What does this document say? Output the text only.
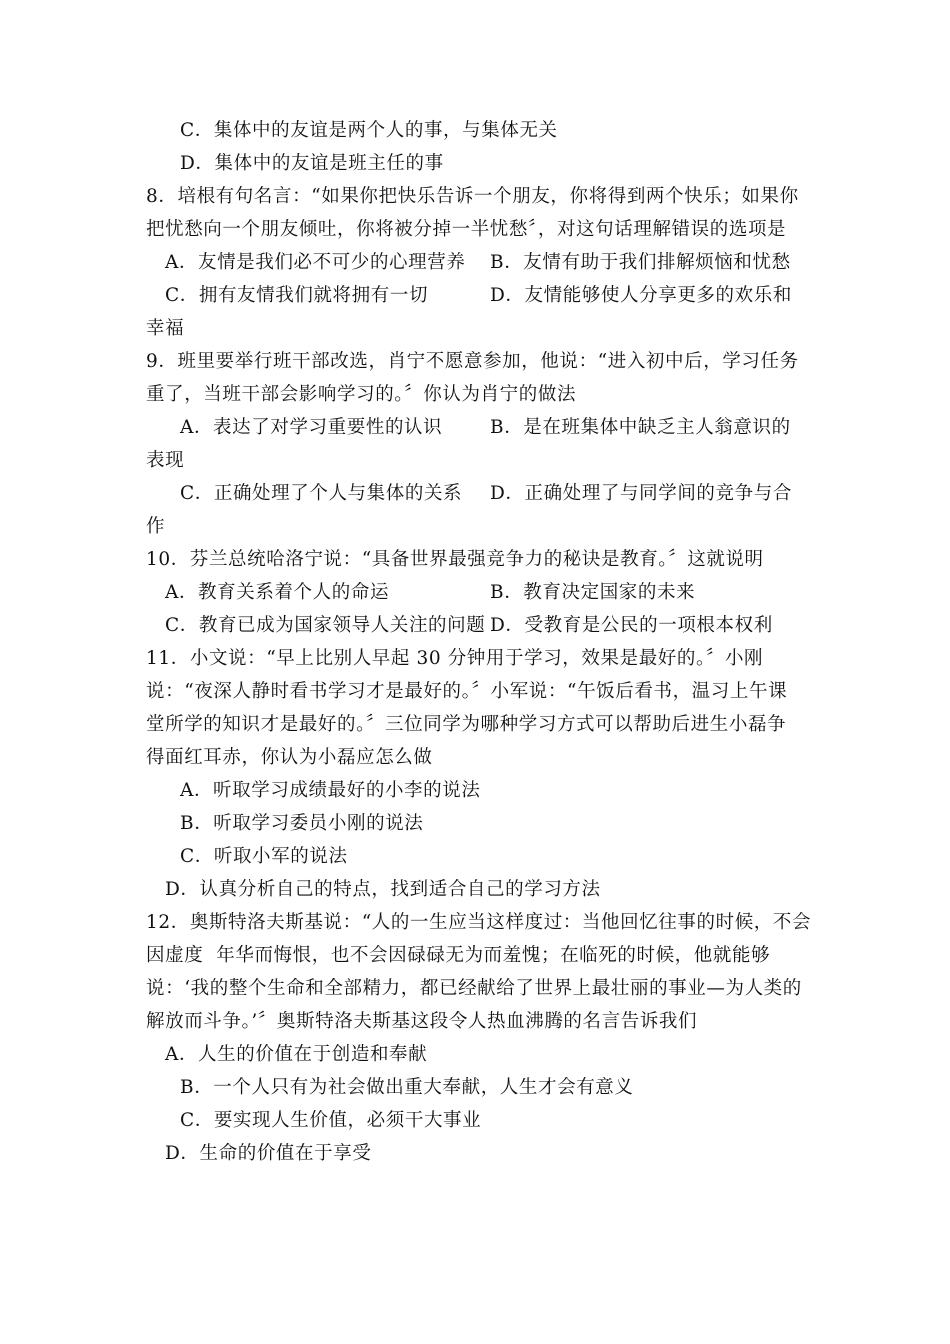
C．集体中的友谊是两个人的事，与集体无关
D．集体中的友谊是班主任的事
8．培根有句名言：“如果你把快乐告诉一个朋友，你将得到两个快乐；如果你
把忧愁向一个朋友倾吐，你将被分掉一半忧愁〞，对这句话理解错误的选项是
A．友情是我们必不可少的心理营养 B．友情有助于我们排解烦恼和忧愁
C．拥有友情我们就将拥有一切	D．友情能够使人分享更多的欢乐和
幸福
9．班里要举行班干部改选，肖宁不愿意参加，他说：“进入初中后，学习任务
重了，当班干部会影响学习的。〞你认为肖宁的做法
A．表达了对学习重要性的认识	B．是在班集体中缺乏主人翁意识的
表现
C．正确处理了个人与集体的关系 D．正确处理了与同学间的竞争与合
作
10．芬兰总统哈洛宁说：“具备世界最强竞争力的秘诀是教育。〞这就说明
A．教育关系着个人的命运	B．教育决定国家的未来
C．教育已成为国家领导人关注的问题 D．受教育是公民的一项根本权利
11．小文说：“早上比别人早起 30 分钟用于学习，效果是最好的。〞小刚
说：“夜深人静时看书学习才是最好的。〞小军说：“午饭后看书，温习上午课
堂所学的知识才是最好的。〞三位同学为哪种学习方式可以帮助后进生小磊争
得面红耳赤，你认为小磊应怎么做
A．听取学习成绩最好的小李的说法
B．听取学习委员小刚的说法
C．听取小军的说法
D．认真分析自己的特点，找到适合自己的学习方法
12．奥斯特洛夫斯基说：“人的一生应当这样度过：当他回忆往事的时候，不会
因虚度  年华而悔恨，也不会因碌碌无为而羞愧；在临死的时候，他就能够
说：‘我的整个生命和全部精力，都已经献给了世界上最壮丽的事业—为人类的
解放而斗争。’〞奥斯特洛夫斯基这段令人热血沸腾的名言告诉我们
A．人生的价值在于创造和奉献
B．一个人只有为社会做出重大奉献，人生才会有意义
C．要实现人生价值，必须干大事业
D．生命的价值在于享受
